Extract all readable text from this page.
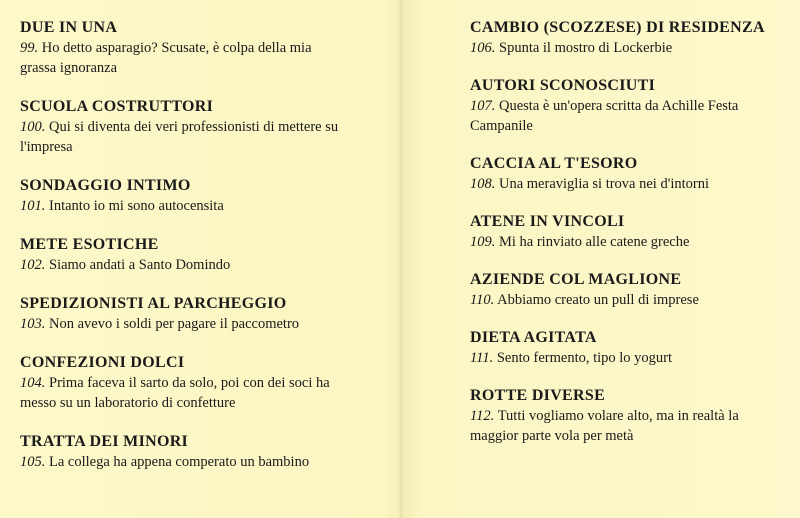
DUE IN UNA
99. Ho detto asparagio? Scusate, è colpa della mia grassa ignoranza
SCUOLA COSTRUTTORI
100. Qui si diventa dei veri professionisti di mettere su l'impresa
SONDAGGIO INTIMO
101. Intanto io mi sono autocensita
METE ESOTICHE
102. Siamo andati a Santo Domindo
SPEDIZIONISTI AL PARCHEGGIO
103. Non avevo i soldi per pagare il paccometro
CONFEZIONI DOLCI
104. Prima faceva il sarto da solo, poi con dei soci ha messo su un laboratorio di confetture
TRATTA DEI MINORI
105. La collega ha appena comperato un bambino
CAMBIO (SCOZZESE) DI RESIDENZA
106. Spunta il mostro di Lockerbie
AUTORI SCONOSCIUTI
107. Questa è un'opera scritta da Achille Festa Campanile
CACCIA AL T'ESORO
108. Una meraviglia si trova nei d'intorni
ATENE IN VINCOLI
109. Mi ha rinviato alle catene greche
AZIENDE COL MAGLIONE
110. Abbiamo creato un pull di imprese
DIETA AGITATA
111. Sento fermento, tipo lo yogurt
ROTTE DIVERSE
112. Tutti vogliamo volare alto, ma in realtà la maggior parte vola per metà
